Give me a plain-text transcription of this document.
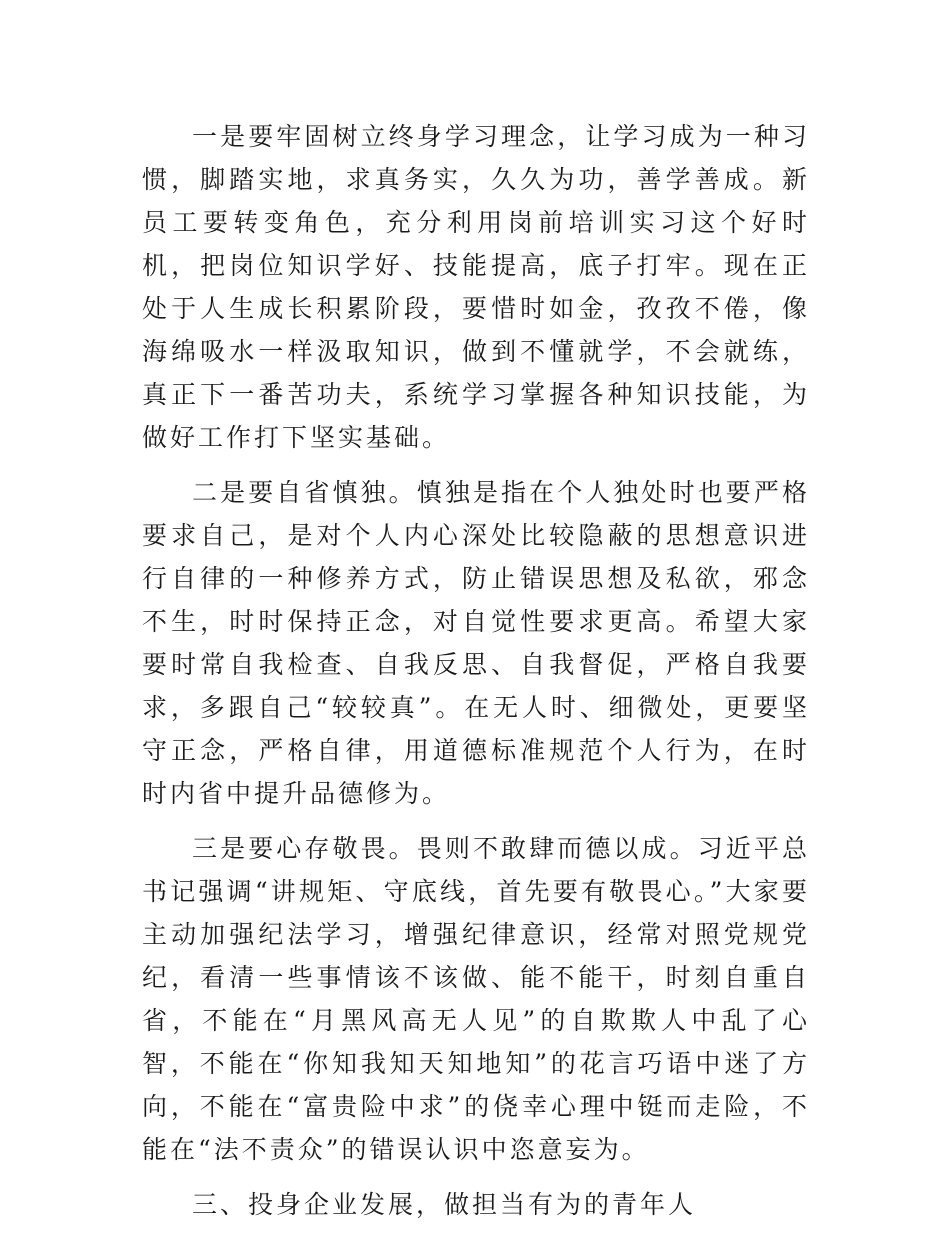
一是要牢固树立终身学习理念，让学习成为一种习惯，脚踏实地，求真务实，久久为功，善学善成。新员工要转变角色，充分利用岗前培训实习这个好时机，把岗位知识学好、技能提高，底子打牢。现在正处于人生成长积累阶段，要惜时如金，孜孜不倦，像海绵吸水一样汲取知识，做到不懂就学，不会就练，真正下一番苦功夫，系统学习掌握各种知识技能，为做好工作打下坚实基础。

二是要自省慎独。慎独是指在个人独处时也要严格要求自己，是对个人内心深处比较隐蔽的思想意识进行自律的一种修养方式，防止错误思想及私欲，邪念不生，时时保持正念，对自觉性要求更高。希望大家要时常自我检查、自我反思、自我督促，严格自我要求，多跟自己“较较真”。在无人时、细微处，更要坚守正念，严格自律，用道德标准规范个人行为，在时时内省中提升品德修为。

三是要心存敬畏。畏则不敢肆而德以成。习近平总书记强调“讲规矩、守底线，首先要有敬畏心。”大家要主动加强纪法学习，增强纪律意识，经常对照党规党纪，看清一些事情该不该做、能不能干，时刻自重自省，不能在“月黑风高无人见”的自欺欺人中乱了心智，不能在“你知我知天知地知”的花言巧语中迷了方向，不能在“富贵险中求”的侥幸心理中铤而走险，不能在“法不责众”的错误认识中恣意妄为。

三、投身企业发展，做担当有为的青年人
